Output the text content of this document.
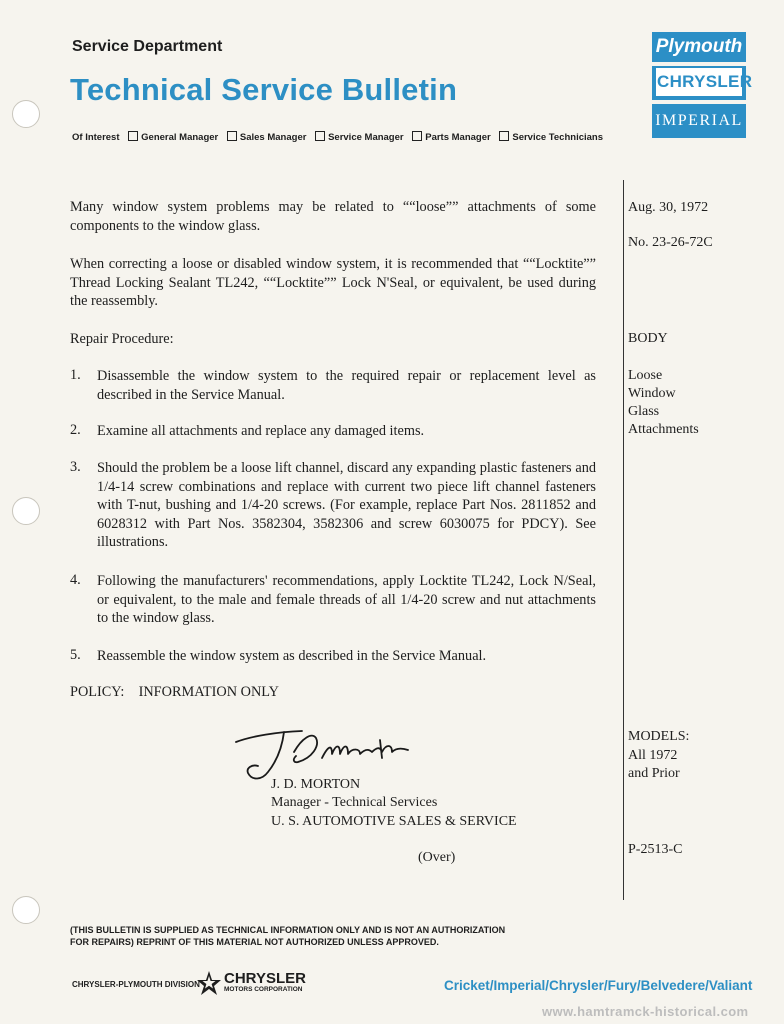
Service Department
Technical Service Bulletin
Of Interest General Manager Sales Manager Service Manager Parts Manager Service Technicians
Plymouth
CHRYSLER
IMPERIAL
Many window system problems may be related to ““loose”” attachments of some components to the window glass.
When correcting a loose or disabled window system, it is recommended that ““Locktite”” Thread Locking Sealant TL242, ““Locktite”” Lock N'Seal, or equivalent, be used during the reassembly.
Repair Procedure:
1. Disassemble the window system to the required repair or replacement level as described in the Service Manual.
2. Examine all attachments and replace any damaged items.
3. Should the problem be a loose lift channel, discard any expanding plastic fasteners and 1/4-14 screw combinations and replace with current two piece lift channel fasteners with T-nut, bushing and 1/4-20 screws. (For example, replace Part Nos. 2811852 and 6028312 with Part Nos. 3582304, 3582306 and screw 6030075 for PDCY). See illustrations.
4. Following the manufacturers' recommendations, apply Locktite TL242, Lock N/Seal, or equivalent, to the male and female threads of all 1/4-20 screw and nut attachments to the window glass.
5. Reassemble the window system as described in the Service Manual.
POLICY:    INFORMATION ONLY
Aug. 30, 1972
No. 23-26-72C
BODY
Loose
Window
Glass
Attachments
MODELS:
All 1972
and Prior
P-2513-C
J. D. MORTON
Manager - Technical Services
U. S. AUTOMOTIVE SALES & SERVICE
(Over)
(THIS BULLETIN IS SUPPLIED AS TECHNICAL INFORMATION ONLY AND IS NOT AN AUTHORIZATION
FOR REPAIRS) REPRINT OF THIS MATERIAL NOT AUTHORIZED UNLESS APPROVED.
CHRYSLER-PLYMOUTH DIVISION CHRYSLER
MOTORS CORPORATION	Cricket/Imperial/Chrysler/Fury/Belvedere/Valiant
www.hamtramck-historical.com
